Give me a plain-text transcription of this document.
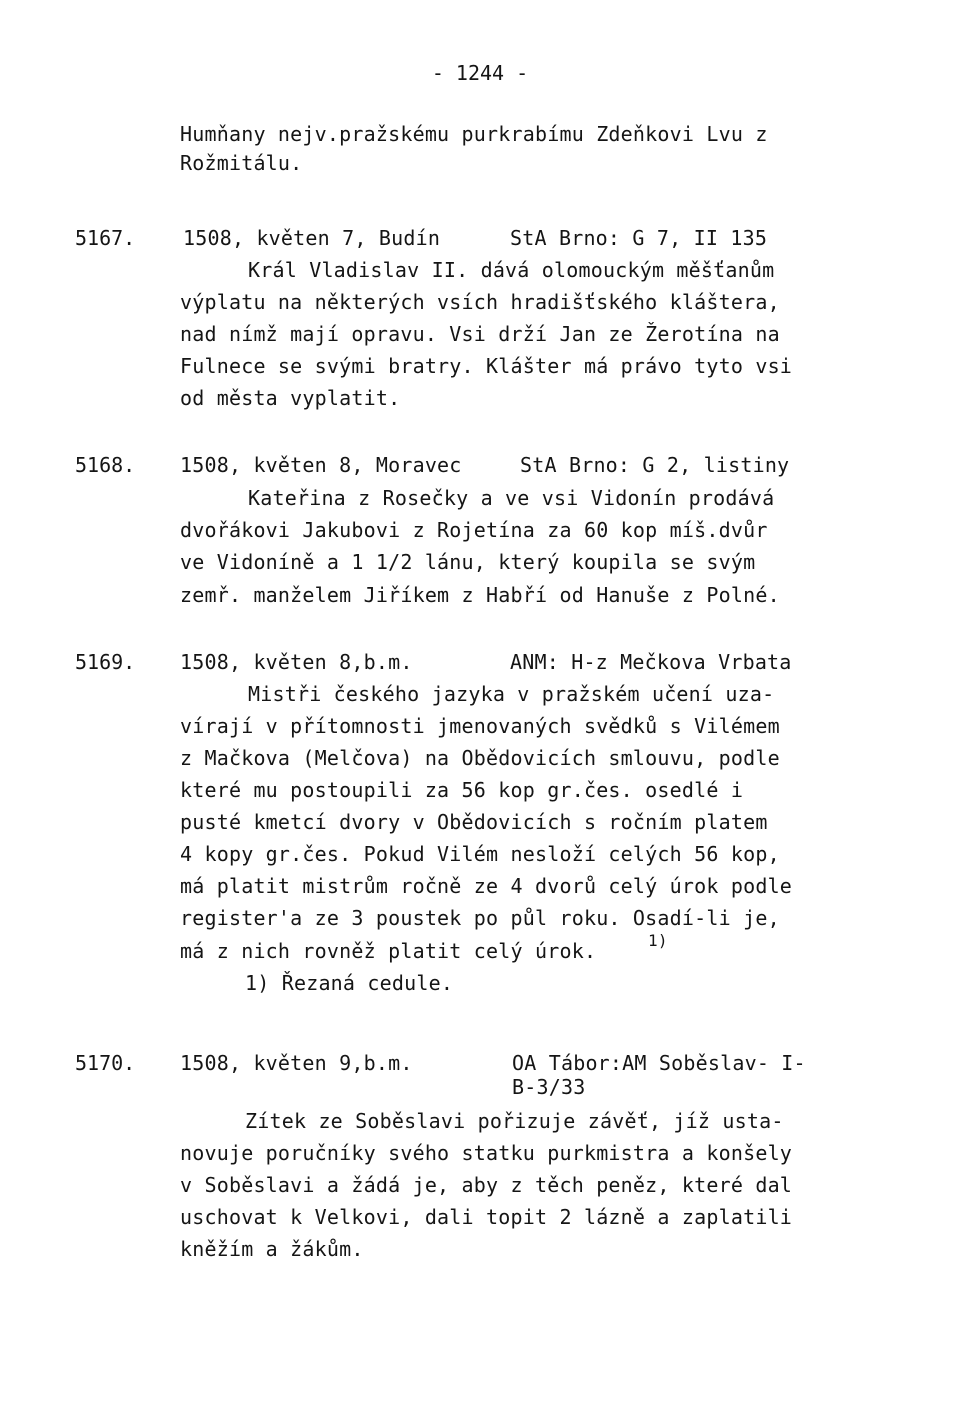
- 1244 -
Humňany nejv.pražskému purkrabímu Zdeňkovi Lvu z
Rožmitálu.
5167. 1508, květen 7, Budín	StA Brno: G 7, II 135
Král Vladislav II. dává olomouckým měšťanům
výplatu na některých vsích hradišťského kláštera,
nad nímž mají opravu. Vsi drží Jan ze Žerotína na
Fulnece se svými bratry. Klášter má právo tyto vsi
od města vyplatit.
5168. 1508, květen 8, Moravec	StA Brno: G 2, listiny
Kateřina z Rosečky a ve vsi Vidonín prodává
dvořákovi Jakubovi z Rojetína za 60 kop míš.dvůr
ve Vidoníně a 1 1/2 lánu, který koupila se svým
zemř. manželem Jiříkem z Habří od Hanuše z Polné.
5169. 1508, květen 8,b.m.	ANM: H-z Mečkova Vrbata
Mistři českého jazyka v pražském učení uza-
vírají v přítomnosti jmenovaných svědků s Vilémem
z Mačkova (Melčova) na Obědovicích smlouvu, podle
které mu postoupili za 56 kop gr.čes. osedlé i
pusté kmetcí dvory v Obědovicích s ročním platem
4 kopy gr.čes. Pokud Vilém nesloží celých 56 kop,
má platit mistrům ročně ze 4 dvorů celý úrok podle
register'a ze 3 poustek po půl roku. Osadí-li je,
má z nich rovněž platit celý úrok.	1)
1) Řezaná cedule.
5170. 1508, květen 9,b.m.	OA Tábor:AM Soběslav- I-
B-3/33
Zítek ze Soběslavi pořizuje závěť, jíž usta-
novuje poručníky svého statku purkmistra a konšely
v Soběslavi a žádá je, aby z těch peněz, které dal
uschovat k Velkovi, dali topit 2 lázně a zaplatili
kněžím a žákům.
